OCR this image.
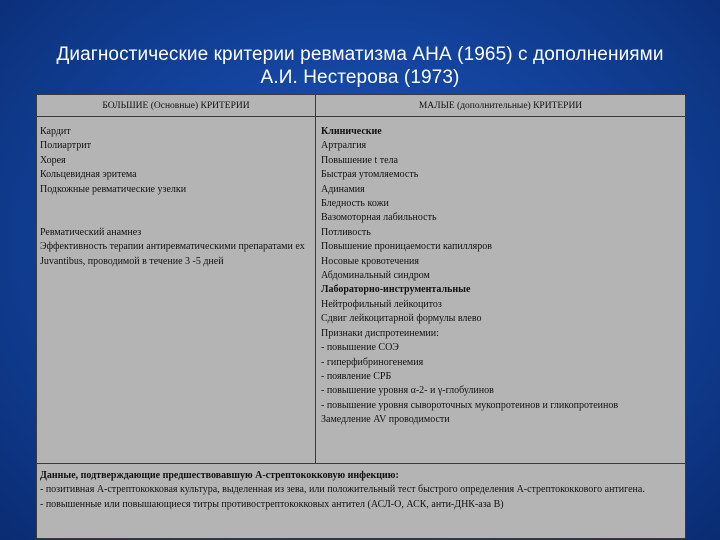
Диагностические критерии ревматизма АНА (1965) с дополнениями
А.И. Нестерова (1973)
БОЛЬШИЕ (Основные) КРИТЕРИИ	МАЛЫЕ (дополнительные) КРИТЕРИИ
Кардит
Полиартрит
Хорея
Кольцевидная эритема
Подкожные ревматические узелки
Ревматический анамнез
Эффективность терапии антиревматическими препаратами ex Juvantibus, проводимой в течение 3 -5 дней
Клинические
Артралгия
Повышение t тела
Быстрая утомляемость
Адинамия
Бледность кожи
Вазомоторная лабильность
Потливость
Повышение проницаемости капилляров
Носовые кровотечения
Абдоминальный синдром
Лабораторно-инструментальные
Нейтрофильный лейкоцитоз
Сдвиг лейкоцитарной формулы влево
Признаки диспротеинемии:
- повышение СОЭ
- гиперфибриногенемия
- появление СРБ
- повышение уровня α-2- и γ-глобулинов
- повышение уровня сывороточных мукопротеинов и гликопротеинов
Замедление AV проводимости
Данные, подтверждающие предшествовавшую А-стрептококковую инфекцию:
- позитивная А-стрептококковая культура, выделенная из зева, или положительный тест быстрого определения А-стрептококкового антигена.
- повышенные или повышающиеся титры противострептококковых антител (АСЛ-О, АСК, анти-ДНК-аза В)
